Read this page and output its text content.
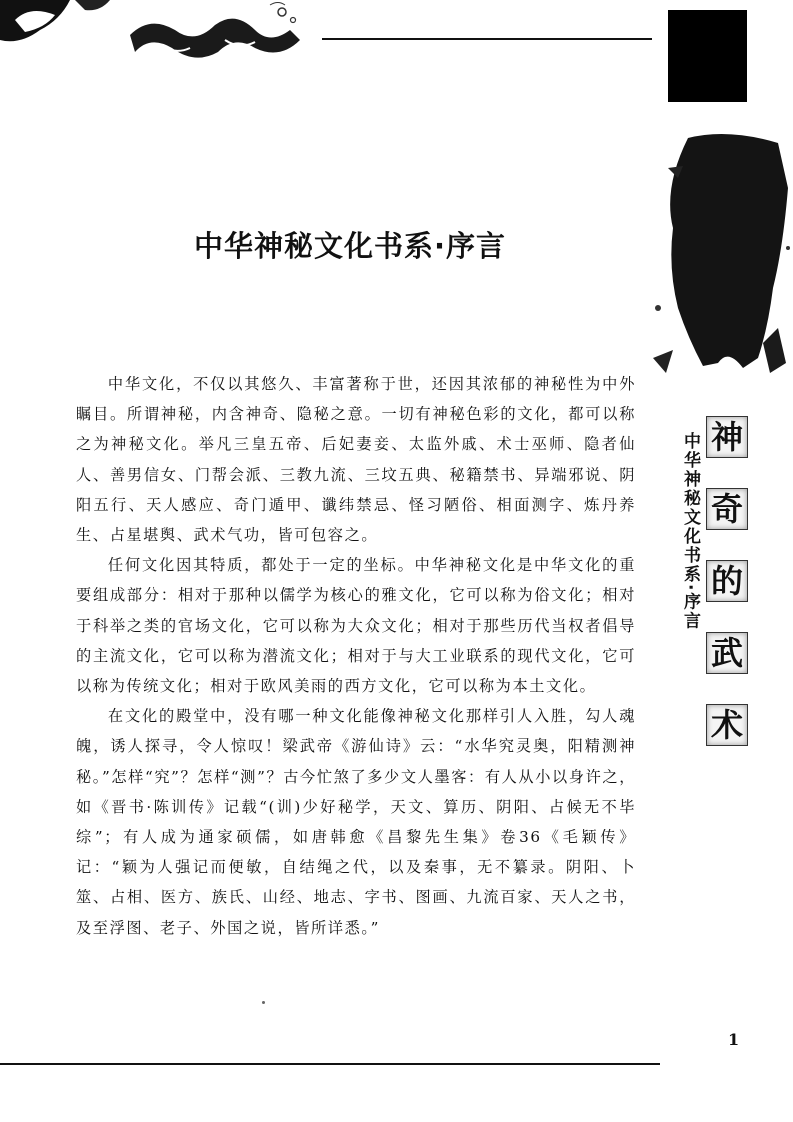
中华神秘文化书系·序言

中华文化，不仅以其悠久、丰富著称于世，还因其浓郁的神秘性为中外瞩目。所谓神秘，内含神奇、隐秘之意。一切有神秘色彩的文化，都可以称之为神秘文化。举凡三皇五帝、后妃妻妾、太监外戚、术士巫师、隐者仙人、善男信女、门帮会派、三教九流、三坟五典、秘籍禁书、异端邪说、阴阳五行、天人感应、奇门遁甲、谶纬禁忌、怪习陋俗、相面测字、炼丹养生、占星堪舆、武术气功，皆可包容之。

任何文化因其特质，都处于一定的坐标。中华神秘文化是中华文化的重要组成部分：相对于那种以儒学为核心的雅文化，它可以称为俗文化；相对于科举之类的官场文化，它可以称为大众文化；相对于那些历代当权者倡导的主流文化，它可以称为潜流文化；相对于与大工业联系的现代文化，它可以称为传统文化；相对于欧风美雨的西方文化，它可以称为本土文化。

在文化的殿堂中，没有哪一种文化能像神秘文化那样引人入胜，勾人魂魄，诱人探寻，令人惊叹！梁武帝《游仙诗》云：“水华究灵奥，阳精测神秘。”怎样“究”？怎样“测”？古今忙煞了多少文人墨客：有人从小以身许之，如《晋书·陈训传》记载“(训)少好秘学，天文、算历、阴阳、占候无不毕综”；有人成为通家硕儒，如唐韩愈《昌黎先生集》卷36《毛颖传》记：“颖为人强记而便敏，自结绳之代，以及秦事，无不纂录。阴阳、卜筮、占相、医方、族氏、山经、地志、字书、图画、九流百家、天人之书，及至浮图、老子、外国之说，皆所详悉。”

中华神秘文化书系·序言 神
奇
的
武
术
1
